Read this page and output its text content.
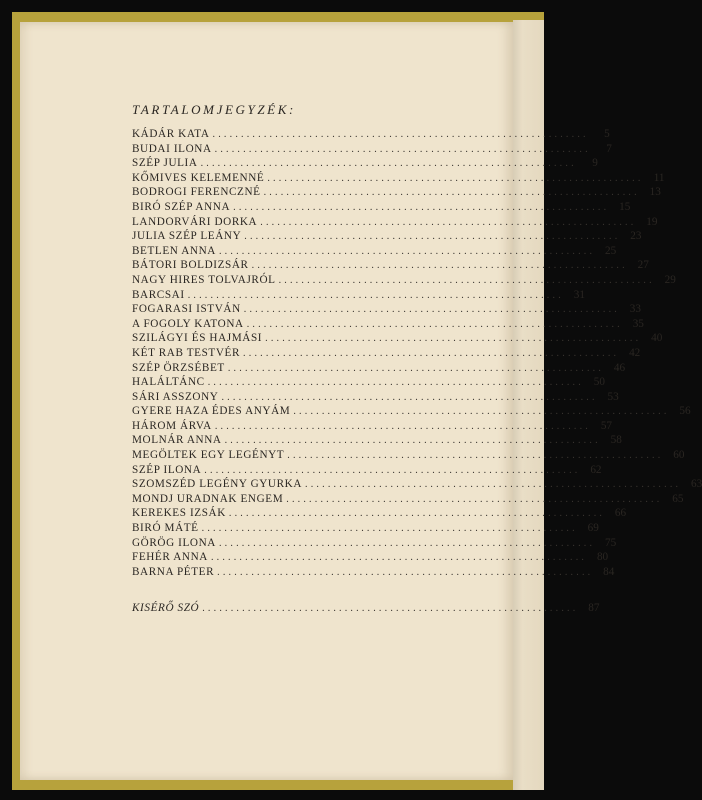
TARTALOMJEGYZÉK:
KÁDÁR KATA ..................................................................	5
BUDAI ILONA ..................................................................	7
SZÉP JULIA ..................................................................	9
KŐMIVES KELEMENNÉ .................................................................. 11
BODROGI FERENCZNÉ .................................................................. 13
BIRÓ SZÉP ANNA .................................................................. 15
LANDORVÁRI DORKA .................................................................. 19
JULIA SZÉP LEÁNY .................................................................. 23
BETLEN ANNA .................................................................. 25
BÁTORI BOLDIZSÁR .................................................................. 27
NAGY HIRES TOLVAJRÓL .................................................................. 29
BARCSAI .................................................................. 31
FOGARASI ISTVÁN .................................................................. 33
A FOGOLY KATONA .................................................................. 35
SZILÁGYI ÉS HAJMÁSI .................................................................. 40
KÉT RAB TESTVÉR .................................................................. 42
SZÉP ÖRZSÉBET .................................................................. 46
HALÁLTÁNC .................................................................. 50
SÁRI ASSZONY .................................................................. 53
GYERE HAZA ÉDES ANYÁM .................................................................. 56
HÁROM ÁRVA .................................................................. 57
MOLNÁR ANNA .................................................................. 58
MEGÖLTEK EGY LEGÉNYT .................................................................. 60
SZÉP ILONA .................................................................. 62
SZOMSZÉD LEGÉNY GYURKA .................................................................. 63
MONDJ URADNAK ENGEM .................................................................. 65
KEREKES IZSÁK .................................................................. 66
BIRÓ MÁTÉ .................................................................. 69
GÖRÖG ILONA .................................................................. 75
FEHÉR ANNA .................................................................. 80
BARNA PÉTER .................................................................. 84
KISÉRŐ SZÓ .................................................................. 87
